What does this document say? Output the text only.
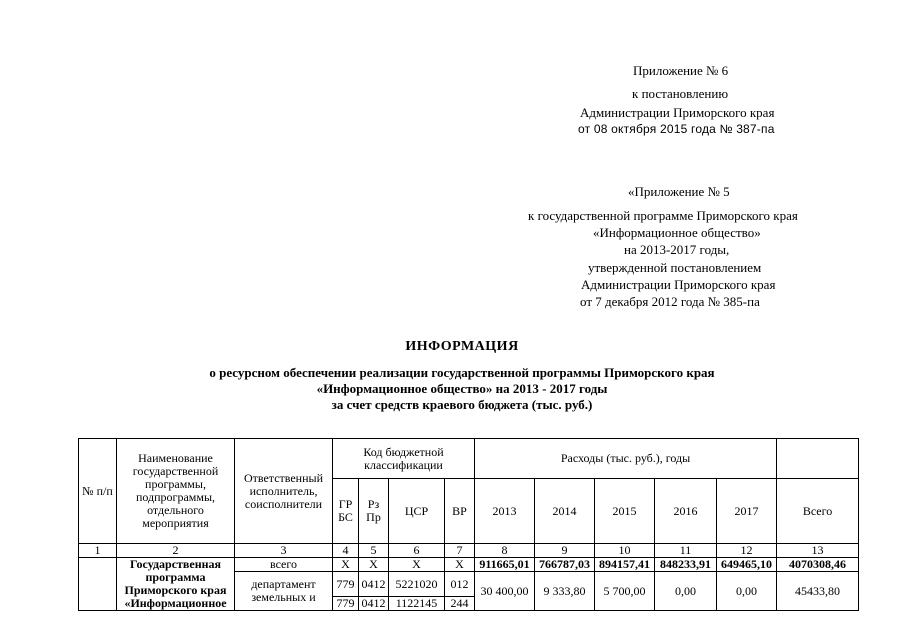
Приложение № 6
к постановлению
Администрации Приморского края
от 08 октября 2015 года № 387-па
«Приложение № 5
к государственной программе Приморского края
«Информационное общество»
на 2013-2017 годы,
утвержденной постановлением
Администрации Приморского края
от 7 декабря 2012 года № 385-па
ИНФОРМАЦИЯ
о ресурсном обеспечении реализации государственной программы Приморского края
«Информационное общество» на 2013 - 2017 годы
за счет средств краевого бюджета (тыс. руб.)
№ п/п	Наименование государственной программы, подпрограммы, отдельного мероприятия	Ответственный исполнитель, соисполнители	Код бюджетной классификации				Расходы (тыс. руб.), годы					
			ГР БС	Рз Пр	ЦСР	ВР	2013	2014	2015	2016	2017	Всего
1	2	3	4	5	6	7	8	9	10	11	12	13
	Государственная программа Приморского края «Информационное	всего	Х	Х	Х	Х	911665,01	766787,03	894157,41	848233,91	649465,10	4070308,46
		департамент земельных и	779	0412	5221020	012	30 400,00	9 333,80	5 700,00	0,00	0,00	45433,80
			779	0412	1122145	244						
